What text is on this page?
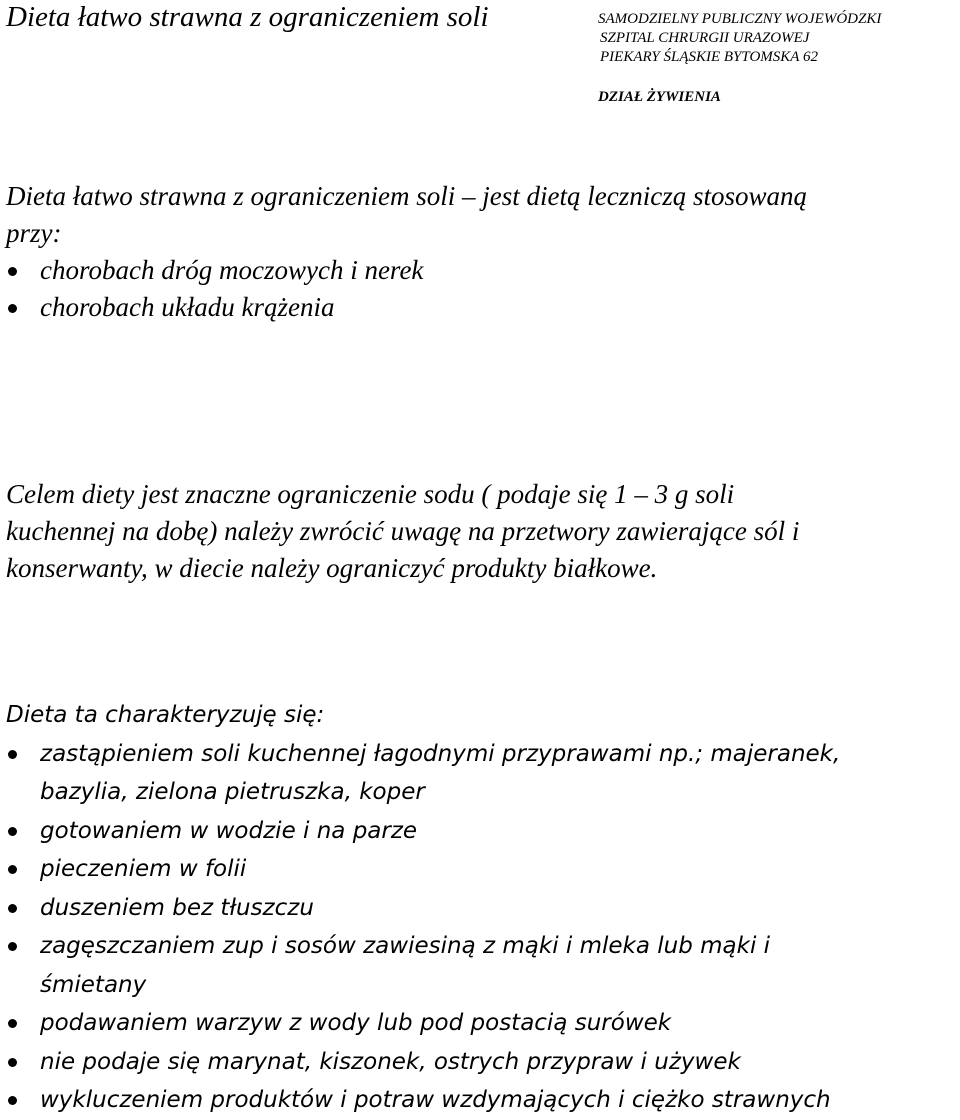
Dieta łatwo strawna z ograniczeniem soli	SAMODZIELNY PUBLICZNY WOJEWÓDZKI
SZPITAL CHRURGII URAZOWEJ
PIEKARY ŚLĄSKIE BYTOMSKA 62
DZIAŁ ŻYWIENIA

Dieta łatwo strawna z ograniczeniem soli – jest dietą leczniczą stosowaną

przy:

chorobach dróg moczowych i nerek
chorobach układu krążenia

Celem diety jest znaczne ograniczenie sodu ( podaje się 1 – 3 g soli

kuchennej na dobę) należy zwrócić uwagę na przetwory zawierające sól i

konserwanty, w diecie należy ograniczyć produkty białkowe.

Dieta ta charakteryzuję się:

zastąpieniem soli kuchennej łagodnymi przyprawami np.; majeranek,
bazylia, zielona pietruszka, koper
gotowaniem w wodzie i na parze
pieczeniem w folii
duszeniem bez tłuszczu
zagęszczaniem zup i sosów zawiesiną z mąki i mleka lub mąki i
śmietany
podawaniem warzyw z wody lub pod postacią surówek
nie podaje się marynat, kiszonek, ostrych przypraw i używek
wykluczeniem produktów i potraw wzdymających i ciężko strawnych
